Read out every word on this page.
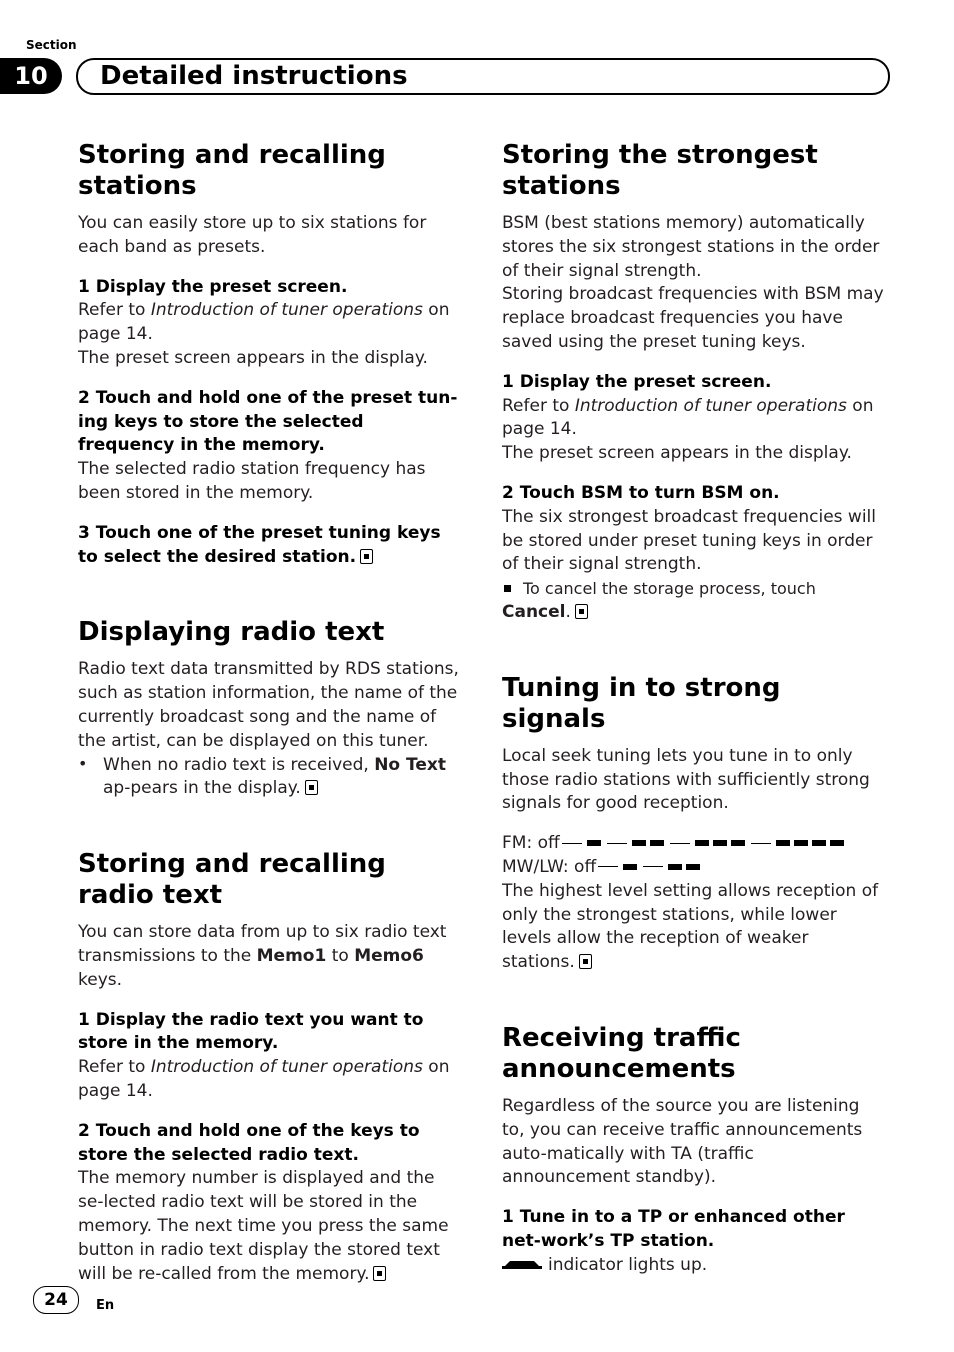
Section
10	Detailed instructions
Storing and recalling stations

You can easily store up to six stations for each band as presets.

1 Display the preset screen.

Refer to Introduction of tuner operations on page 14.

The preset screen appears in the display.

2 Touch and hold one of the preset tun-ing keys to store the selected frequency in the memory.

The selected radio station frequency has been stored in the memory.

3 Touch one of the preset tuning keys to select the desired station.

Displaying radio text

Radio text data transmitted by RDS stations, such as station information, the name of the currently broadcast song and the name of the artist, can be displayed on this tuner.

• When no radio text is received, No Text ap-pears in the display.

Storing and recalling radio text

You can store data from up to six radio text transmissions to the Memo1 to Memo6 keys.

1 Display the radio text you want to store in the memory.

Refer to Introduction of tuner operations on page 14.

2 Touch and hold one of the keys to store the selected radio text.

The memory number is displayed and the se-lected radio text will be stored in the memory. The next time you press the same button in radio text display the stored text will be re-called from the memory.

Storing the strongest stations

BSM (best stations memory) automatically stores the six strongest stations in the order of their signal strength.

Storing broadcast frequencies with BSM may replace broadcast frequencies you have saved using the preset tuning keys.

1 Display the preset screen.

Refer to Introduction of tuner operations on page 14.

The preset screen appears in the display.

2 Touch BSM to turn BSM on.

The six strongest broadcast frequencies will be stored under preset tuning keys in order of their signal strength.

To cancel the storage process, touch

Cancel.

Tuning in to strong signals

Local seek tuning lets you tune in to only those radio stations with sufficiently strong signals for good reception.

FM: off

MW/LW: off

The highest level setting allows reception of only the strongest stations, while lower levels allow the reception of weaker stations.

Receiving traffic announcements

Regardless of the source you are listening to, you can receive traffic announcements auto-matically with TA (traffic announcement standby).

1 Tune in to a TP or enhanced other net-work’s TP station.

indicator lights up.

24	En
